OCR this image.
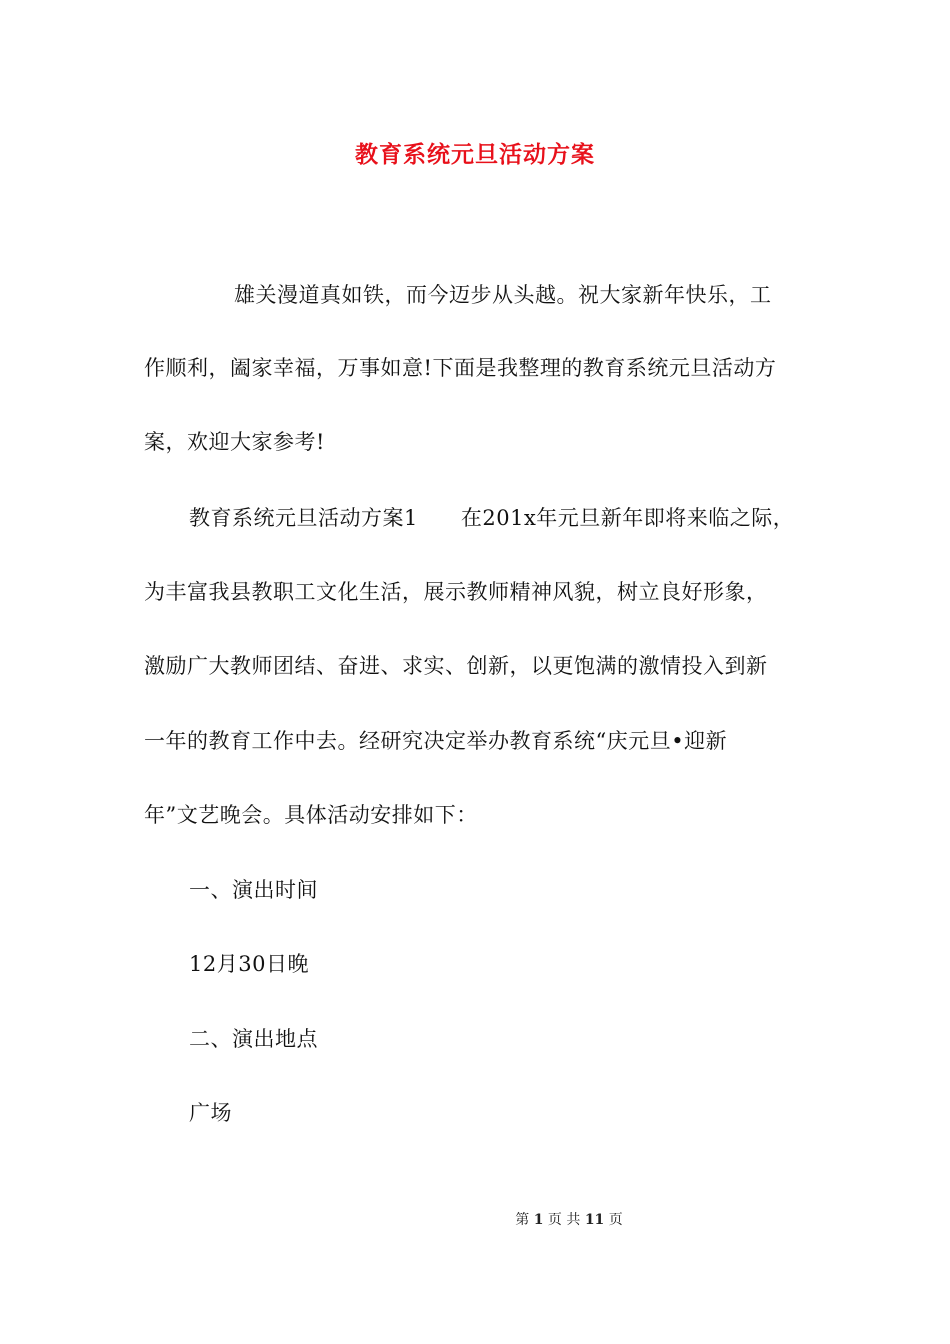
教育系统元旦活动方案
雄关漫道真如铁，而今迈步从头越。祝大家新年快乐，工
作顺利，阖家幸福，万事如意!下面是我整理的教育系统元旦活动方
案，欢迎大家参考!
教育系统元旦活动方案1　　在201x年元旦新年即将来临之际，
为丰富我县教职工文化生活，展示教师精神风貌，树立良好形象，
激励广大教师团结、奋进、求实、创新，以更饱满的激情投入到新
一年的教育工作中去。经研究决定举办教育系统“庆元旦•迎新
年”文艺晚会。具体活动安排如下：
一、演出时间
12月30日晚
二、演出地点
广场
第 1 页 共 11 页
